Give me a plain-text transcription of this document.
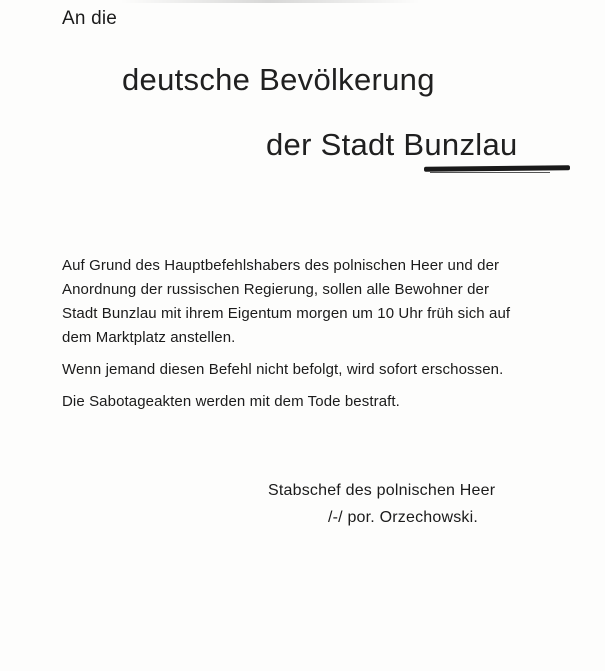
An die
deutsche Bevölkerung
der Stadt Bunzlau

Auf Grund des Hauptbefehlshabers des polnischen Heer und der
Anordnung der russischen Regierung, sollen alle Bewohner der
Stadt Bunzlau mit ihrem Eigentum morgen um 10 Uhr früh sich auf
dem Marktplatz anstellen.

Wenn jemand diesen Befehl nicht befolgt, wird sofort erschossen.

Die Sabotageakten werden mit dem Tode bestraft.

Stabschef des polnischen Heer
/-/ por. Orzechowski.
